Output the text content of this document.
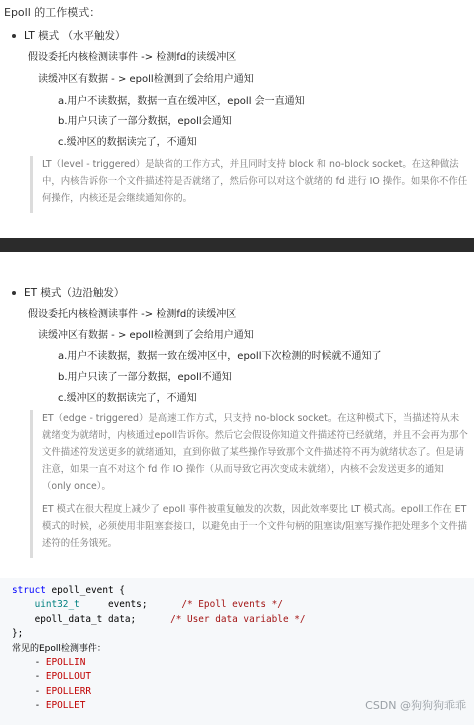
Epoll 的工作模式：
LT 模式 （水平触发）
假设委托内核检测读事件 -> 检测fd的读缓冲区
读缓冲区有数据 - > epoll检测到了会给用户通知
a.用户不读数据，数据一直在缓冲区，epoll 会一直通知
b.用户只读了一部分数据，epoll会通知
c.缓冲区的数据读完了，不通知

LT（level - triggered）是缺省的工作方式，并且同时支持 block 和 no-block socket。在这种做法中，内核告诉你一个文件描述符是否就绪了，然后你可以对这个就绪的 fd 进行 IO 操作。如果你不作任何操作，内核还是会继续通知你的。

ET 模式（边沿触发）
假设委托内核检测读事件 -> 检测fd的读缓冲区
读缓冲区有数据 - > epoll检测到了会给用户通知
a.用户不读数据，数据一致在缓冲区中，epoll下次检测的时候就不通知了
b.用户只读了一部分数据，epoll不通知
c.缓冲区的数据读完了，不通知

ET（edge - triggered）是高速工作方式，只支持 no-block socket。在这种模式下，当描述符从未就绪变为就绪时，内核通过epoll告诉你。然后它会假设你知道文件描述符已经就绪，并且不会再为那个文件描述符发送更多的就绪通知，直到你做了某些操作导致那个文件描述符不再为就绪状态了。但是请注意，如果一直不对这个 fd 作 IO 操作（从而导致它再次变成未就绪），内核不会发送更多的通知（only once）。

ET 模式在很大程度上减少了 epoll 事件被重复触发的次数，因此效率要比 LT 模式高。epoll工作在 ET 模式的时候，必须使用非阻塞套接口，以避免由于一个文件句柄的阻塞读/阻塞写操作把处理多个文件描述符的任务饿死。

struct epoll_event {
uint32_t     events;	/* Epoll events */
epoll_data_t data;	/* User data variable */
};
常见的Epoll检测事件：
- EPOLLIN
- EPOLLOUT
- EPOLLERR
- EPOLLET	CSDN @狗狗狗乖乖
